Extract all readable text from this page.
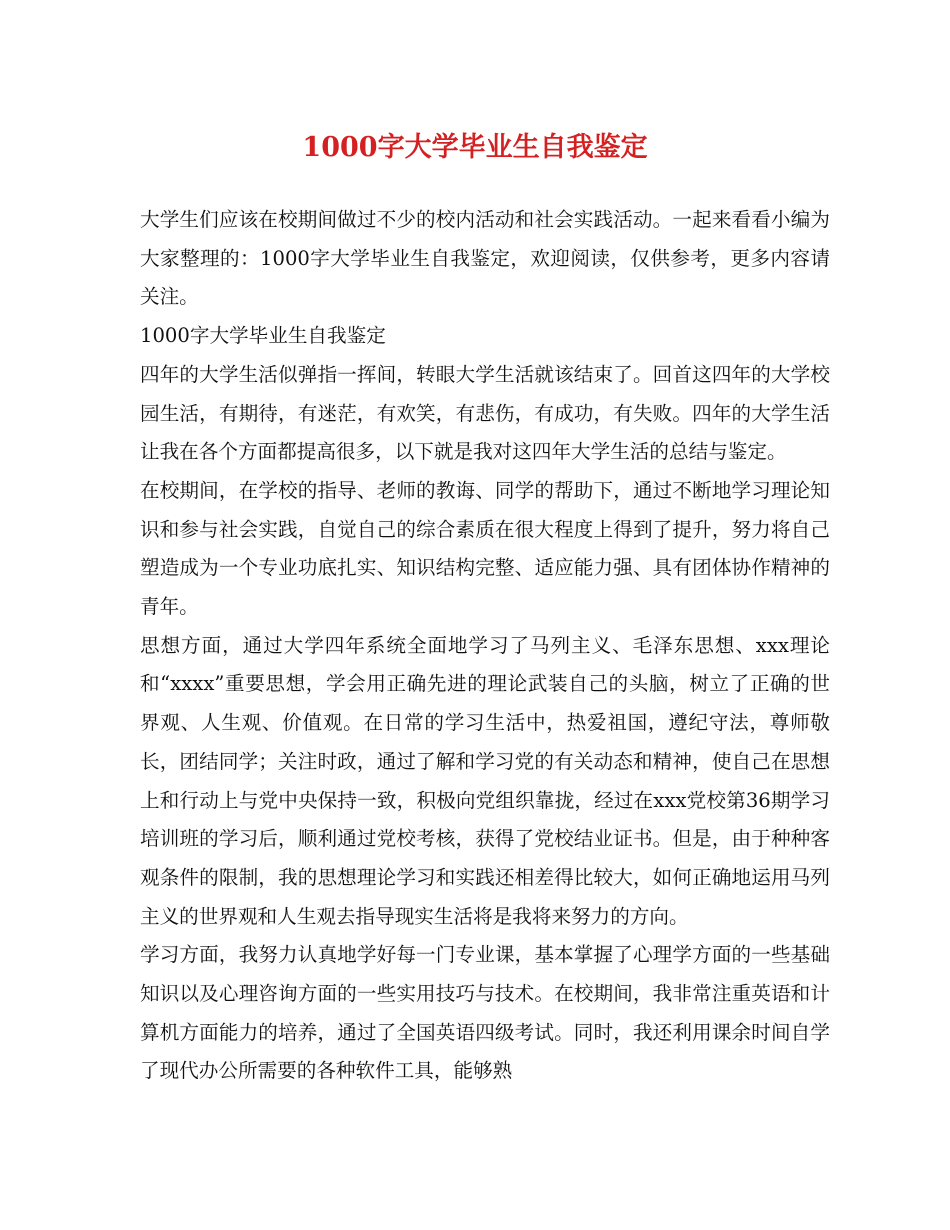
1000字大学毕业生自我鉴定

大学生们应该在校期间做过不少的校内活动和社会实践活动。一起来看看小编为大家整理的：1000字大学毕业生自我鉴定，欢迎阅读，仅供参考，更多内容请关注。

1000字大学毕业生自我鉴定

四年的大学生活似弹指一挥间，转眼大学生活就该结束了。回首这四年的大学校园生活，有期待，有迷茫，有欢笑，有悲伤，有成功，有失败。四年的大学生活让我在各个方面都提高很多，以下就是我对这四年大学生活的总结与鉴定。

在校期间，在学校的指导、老师的教诲、同学的帮助下，通过不断地学习理论知识和参与社会实践，自觉自己的综合素质在很大程度上得到了提升，努力将自己塑造成为一个专业功底扎实、知识结构完整、适应能力强、具有团体协作精神的青年。

思想方面，通过大学四年系统全面地学习了马列主义、毛泽东思想、xxx理论和“xxxx”重要思想，学会用正确先进的理论武装自己的头脑，树立了正确的世界观、人生观、价值观。在日常的学习生活中，热爱祖国，遵纪守法，尊师敬长，团结同学；关注时政，通过了解和学习党的有关动态和精神，使自己在思想上和行动上与党中央保持一致，积极向党组织靠拢，经过在xxx党校第36期学习培训班的学习后，顺利通过党校考核，获得了党校结业证书。但是，由于种种客观条件的限制，我的思想理论学习和实践还相差得比较大，如何正确地运用马列主义的世界观和人生观去指导现实生活将是我将来努力的方向。

学习方面，我努力认真地学好每一门专业课，基本掌握了心理学方面的一些基础知识以及心理咨询方面的一些实用技巧与技术。在校期间，我非常注重英语和计算机方面能力的培养，通过了全国英语四级考试。同时，我还利用课余时间自学了现代办公所需要的各种软件工具，能够熟
